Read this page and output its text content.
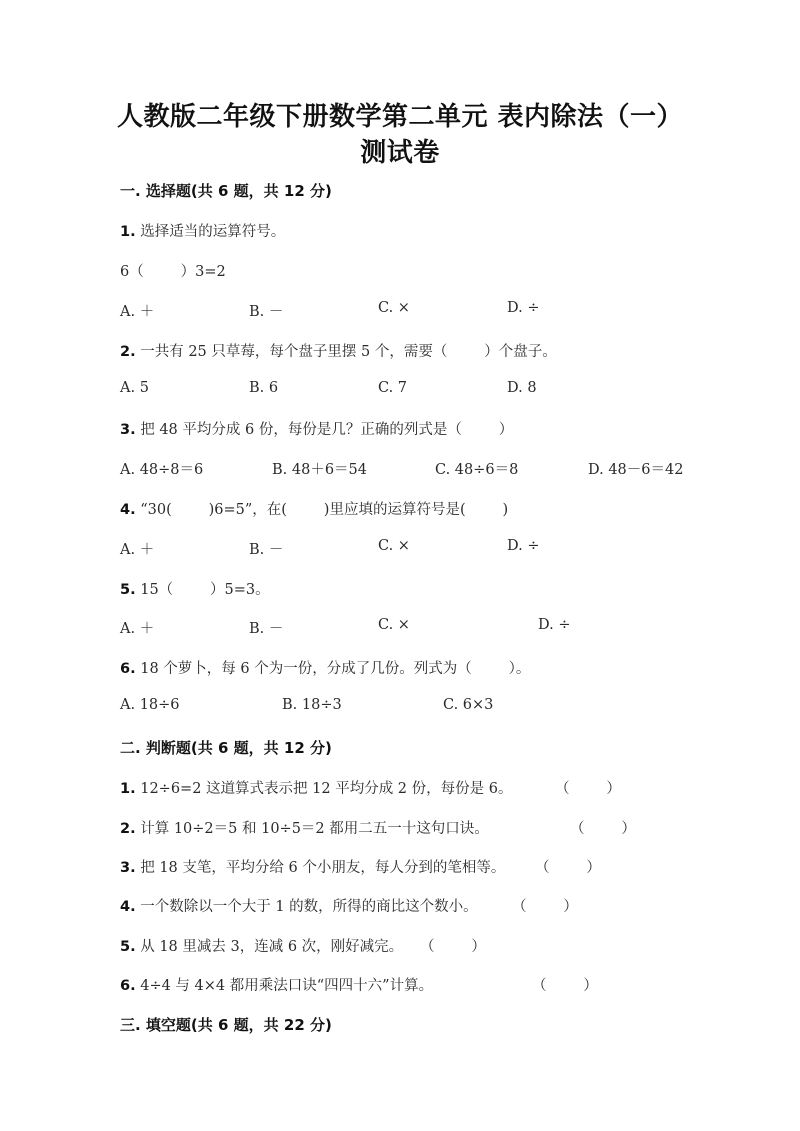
人教版二年级下册数学第二单元 表内除法（一）
测试卷
一. 选择题(共 6 题，共 12 分)
1. 选择适当的运算符号。
6（        ）3=2
A. ＋	B. －	C. ×	D. ÷
2. 一共有 25 只草莓，每个盘子里摆 5 个，需要（        ）个盘子。
A. 5	B. 6	C. 7	D. 8
3. 把 48 平均分成 6 份，每份是几？正确的列式是（        ）
A. 48÷8＝6	B. 48＋6＝54	C. 48÷6＝8	D. 48－6＝42
4. “30(        )6=5”，在(        )里应填的运算符号是(        )
A. ＋	B. －	C. ×	D. ÷
5. 15（        ）5=3。
A. ＋	B. －	C. ×	D. ÷
6. 18 个萝卜，每 6 个为一份，分成了几份。列式为（        ）。
A. 18÷6	B. 18÷3	C. 6×3
二. 判断题(共 6 题，共 12 分)
1. 12÷6=2 这道算式表示把 12 平均分成 2 份，每份是 6。	（        ）
2. 计算 10÷2＝5 和 10÷5＝2 都用二五一十这句口诀。	（        ）
3. 把 18 支笔，平均分给 6 个小朋友，每人分到的笔相等。 （        ）
4. 一个数除以一个大于 1 的数，所得的商比这个数小。 （        ）
5. 从 18 里减去 3，连减 6 次，刚好减完。 （        ）
6. 4÷4 与 4×4 都用乘法口诀“四四十六”计算。	（        ）
三. 填空题(共 6 题，共 22 分)
